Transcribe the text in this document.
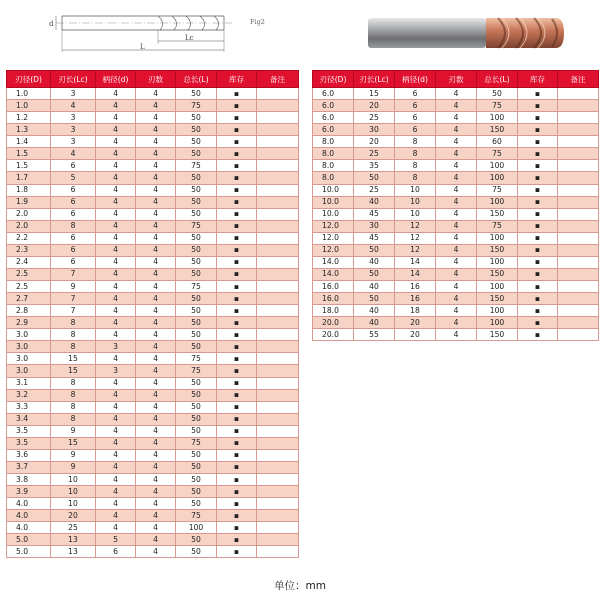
d
L
Lc
Fig2
刃径(D)	刃长(Lc)	柄径(d)	刃数	总长(L)	库存	备注
1.0	3	4	4	50	▪	
1.0	4	4	4	75	▪	
1.2	3	4	4	50	▪	
1.3	3	4	4	50	▪	
1.4	3	4	4	50	▪	
1.5	4	4	4	50	▪	
1.5	6	4	4	75	▪	
1.7	5	4	4	50	▪	
1.8	6	4	4	50	▪	
1.9	6	4	4	50	▪	
2.0	6	4	4	50	▪	
2.0	8	4	4	75	▪	
2.2	6	4	4	50	▪	
2.3	6	4	4	50	▪	
2.4	6	4	4	50	▪	
2.5	7	4	4	50	▪	
2.5	9	4	4	75	▪	
2.7	7	4	4	50	▪	
2.8	7	4	4	50	▪	
2.9	8	4	4	50	▪	
3.0	8	4	4	50	▪	
3.0	8	3	4	50	▪	
3.0	15	4	4	75	▪	
3.0	15	3	4	75	▪	
3.1	8	4	4	50	▪	
3.2	8	4	4	50	▪	
3.3	8	4	4	50	▪	
3.4	8	4	4	50	▪	
3.5	9	4	4	50	▪	
3.5	15	4	4	75	▪	
3.6	9	4	4	50	▪	
3.7	9	4	4	50	▪	
3.8	10	4	4	50	▪	
3.9	10	4	4	50	▪	
4.0	10	4	4	50	▪	
4.0	20	4	4	75	▪	
4.0	25	4	4	100	▪	
5.0	13	5	4	50	▪	
5.0	13	6	4	50	▪	
刃径(D)	刃长(Lc)	柄径(d)	刃数	总长(L)	库存	备注
6.0	15	6	4	50	▪	
6.0	20	6	4	75	▪	
6.0	25	6	4	100	▪	
6.0	30	6	4	150	▪	
8.0	20	8	4	60	▪	
8.0	25	8	4	75	▪	
8.0	35	8	4	100	▪	
8.0	50	8	4	100	▪	
10.0	25	10	4	75	▪	
10.0	40	10	4	100	▪	
10.0	45	10	4	150	▪	
12.0	30	12	4	75	▪	
12.0	45	12	4	100	▪	
12.0	50	12	4	150	▪	
14.0	40	14	4	100	▪	
14.0	50	14	4	150	▪	
16.0	40	16	4	100	▪	
16.0	50	16	4	150	▪	
18.0	40	18	4	100	▪	
20.0	40	20	4	100	▪	
20.0	55	20	4	150	▪	
单位：mm
